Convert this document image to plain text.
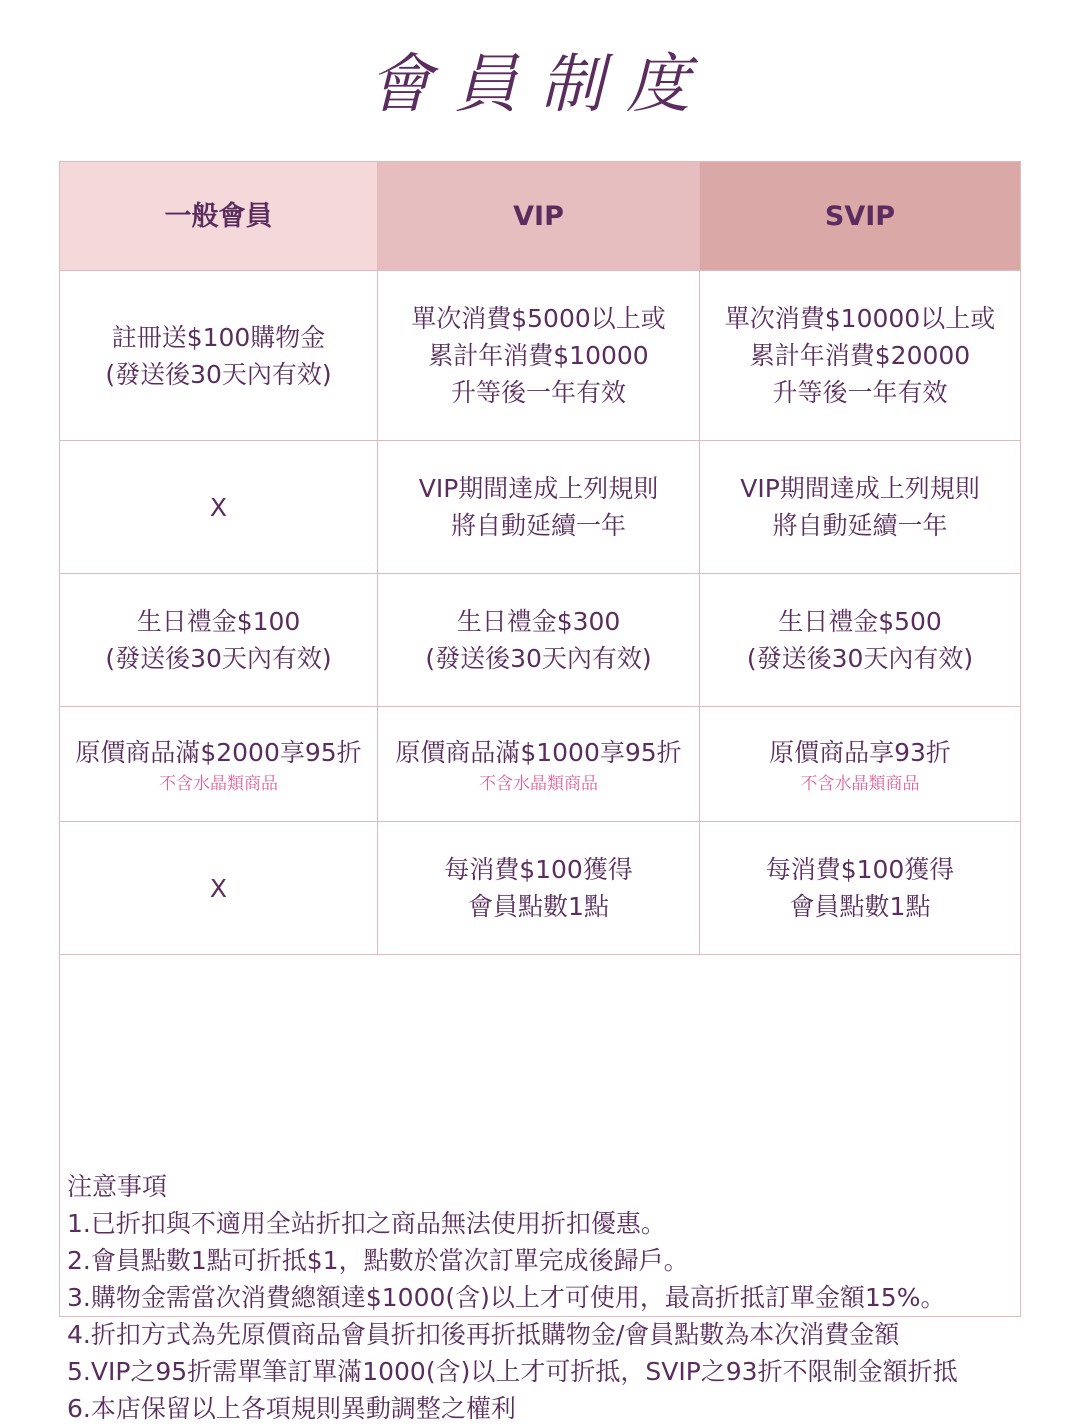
會員制度
一般會員	VIP	SVIP
註冊送$100購物金
(發送後30天內有效)
單次消費$5000以上或
累計年消費$10000
升等後一年有效
單次消費$10000以上或
累計年消費$20000
升等後一年有效
X
VIP期間達成上列規則
將自動延續一年
VIP期間達成上列規則
將自動延續一年
生日禮金$100
(發送後30天內有效)
生日禮金$300
(發送後30天內有效)
生日禮金$500
(發送後30天內有效)
原價商品滿$2000享95折
不含水晶類商品
原價商品滿$1000享95折
不含水晶類商品
原價商品享93折
不含水晶類商品
X
每消費$100獲得
會員點數1點
每消費$100獲得
會員點數1點
注意事項
1.已折扣與不適用全站折扣之商品無法使用折扣優惠。
2.會員點數1點可折抵$1，點數於當次訂單完成後歸戶。
3.購物金需當次消費總額達$1000(含)以上才可使用，最高折抵訂單金額15%。
4.折扣方式為先原價商品會員折扣後再折抵購物金/會員點數為本次消費金額
5.VIP之95折需單筆訂單滿1000(含)以上才可折抵，SVIP之93折不限制金額折抵
6.本店保留以上各項規則異動調整之權利
